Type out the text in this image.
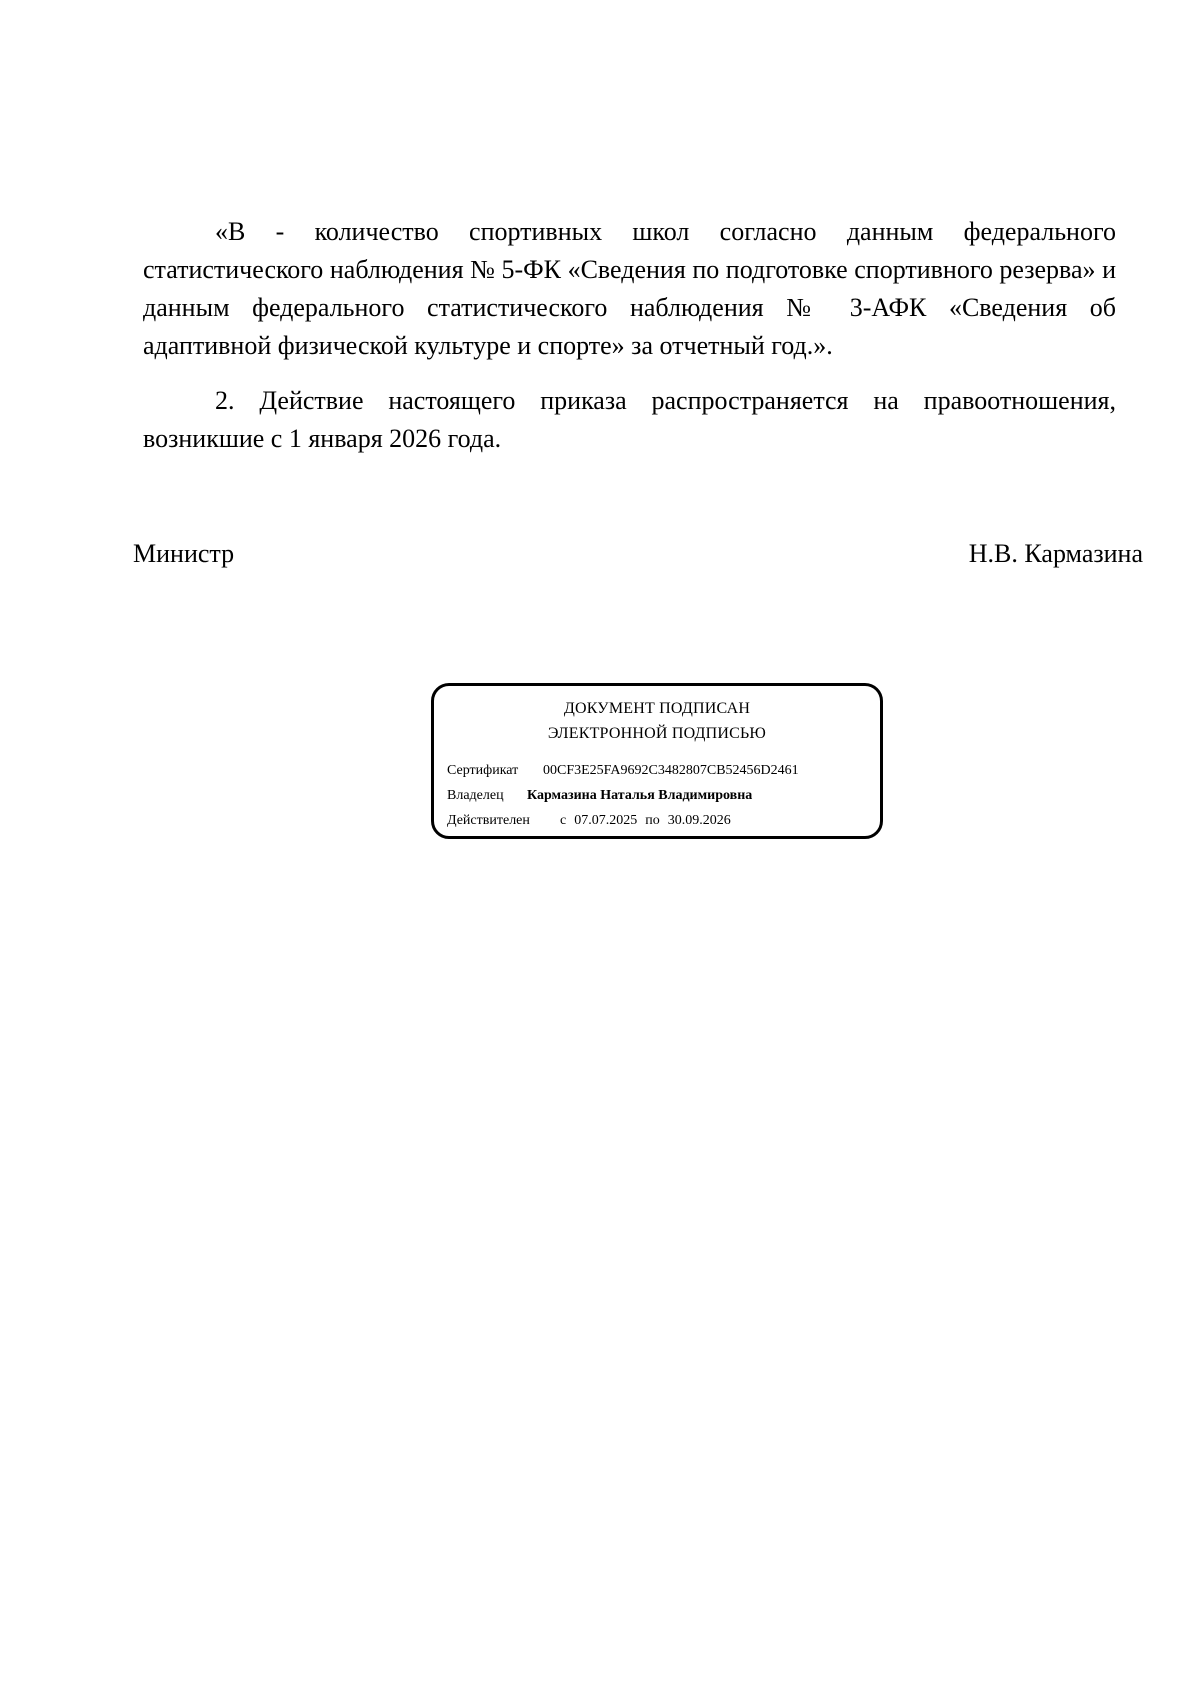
«В - количество спортивных школ согласно данным федерального статистического наблюдения № 5-ФК «Сведения по подготовке спортивного резерва» и данным федерального статистического наблюдения № 3-АФК «Сведения об адаптивной физической культуре и спорте» за отчетный год.».

2. Действие настоящего приказа распространяется на правоотношения, возникшие с 1 января 2026 года.

Министр	Н.В. Кармазина
ДОКУМЕНТ ПОДПИСАН
ЭЛЕКТРОННОЙ ПОДПИСЬЮ
Сертификат 00CF3E25FA9692C3482807CB52456D2461
Владелец Кармазина Наталья Владимировна
Действителен с 07.07.2025 по 30.09.2026
